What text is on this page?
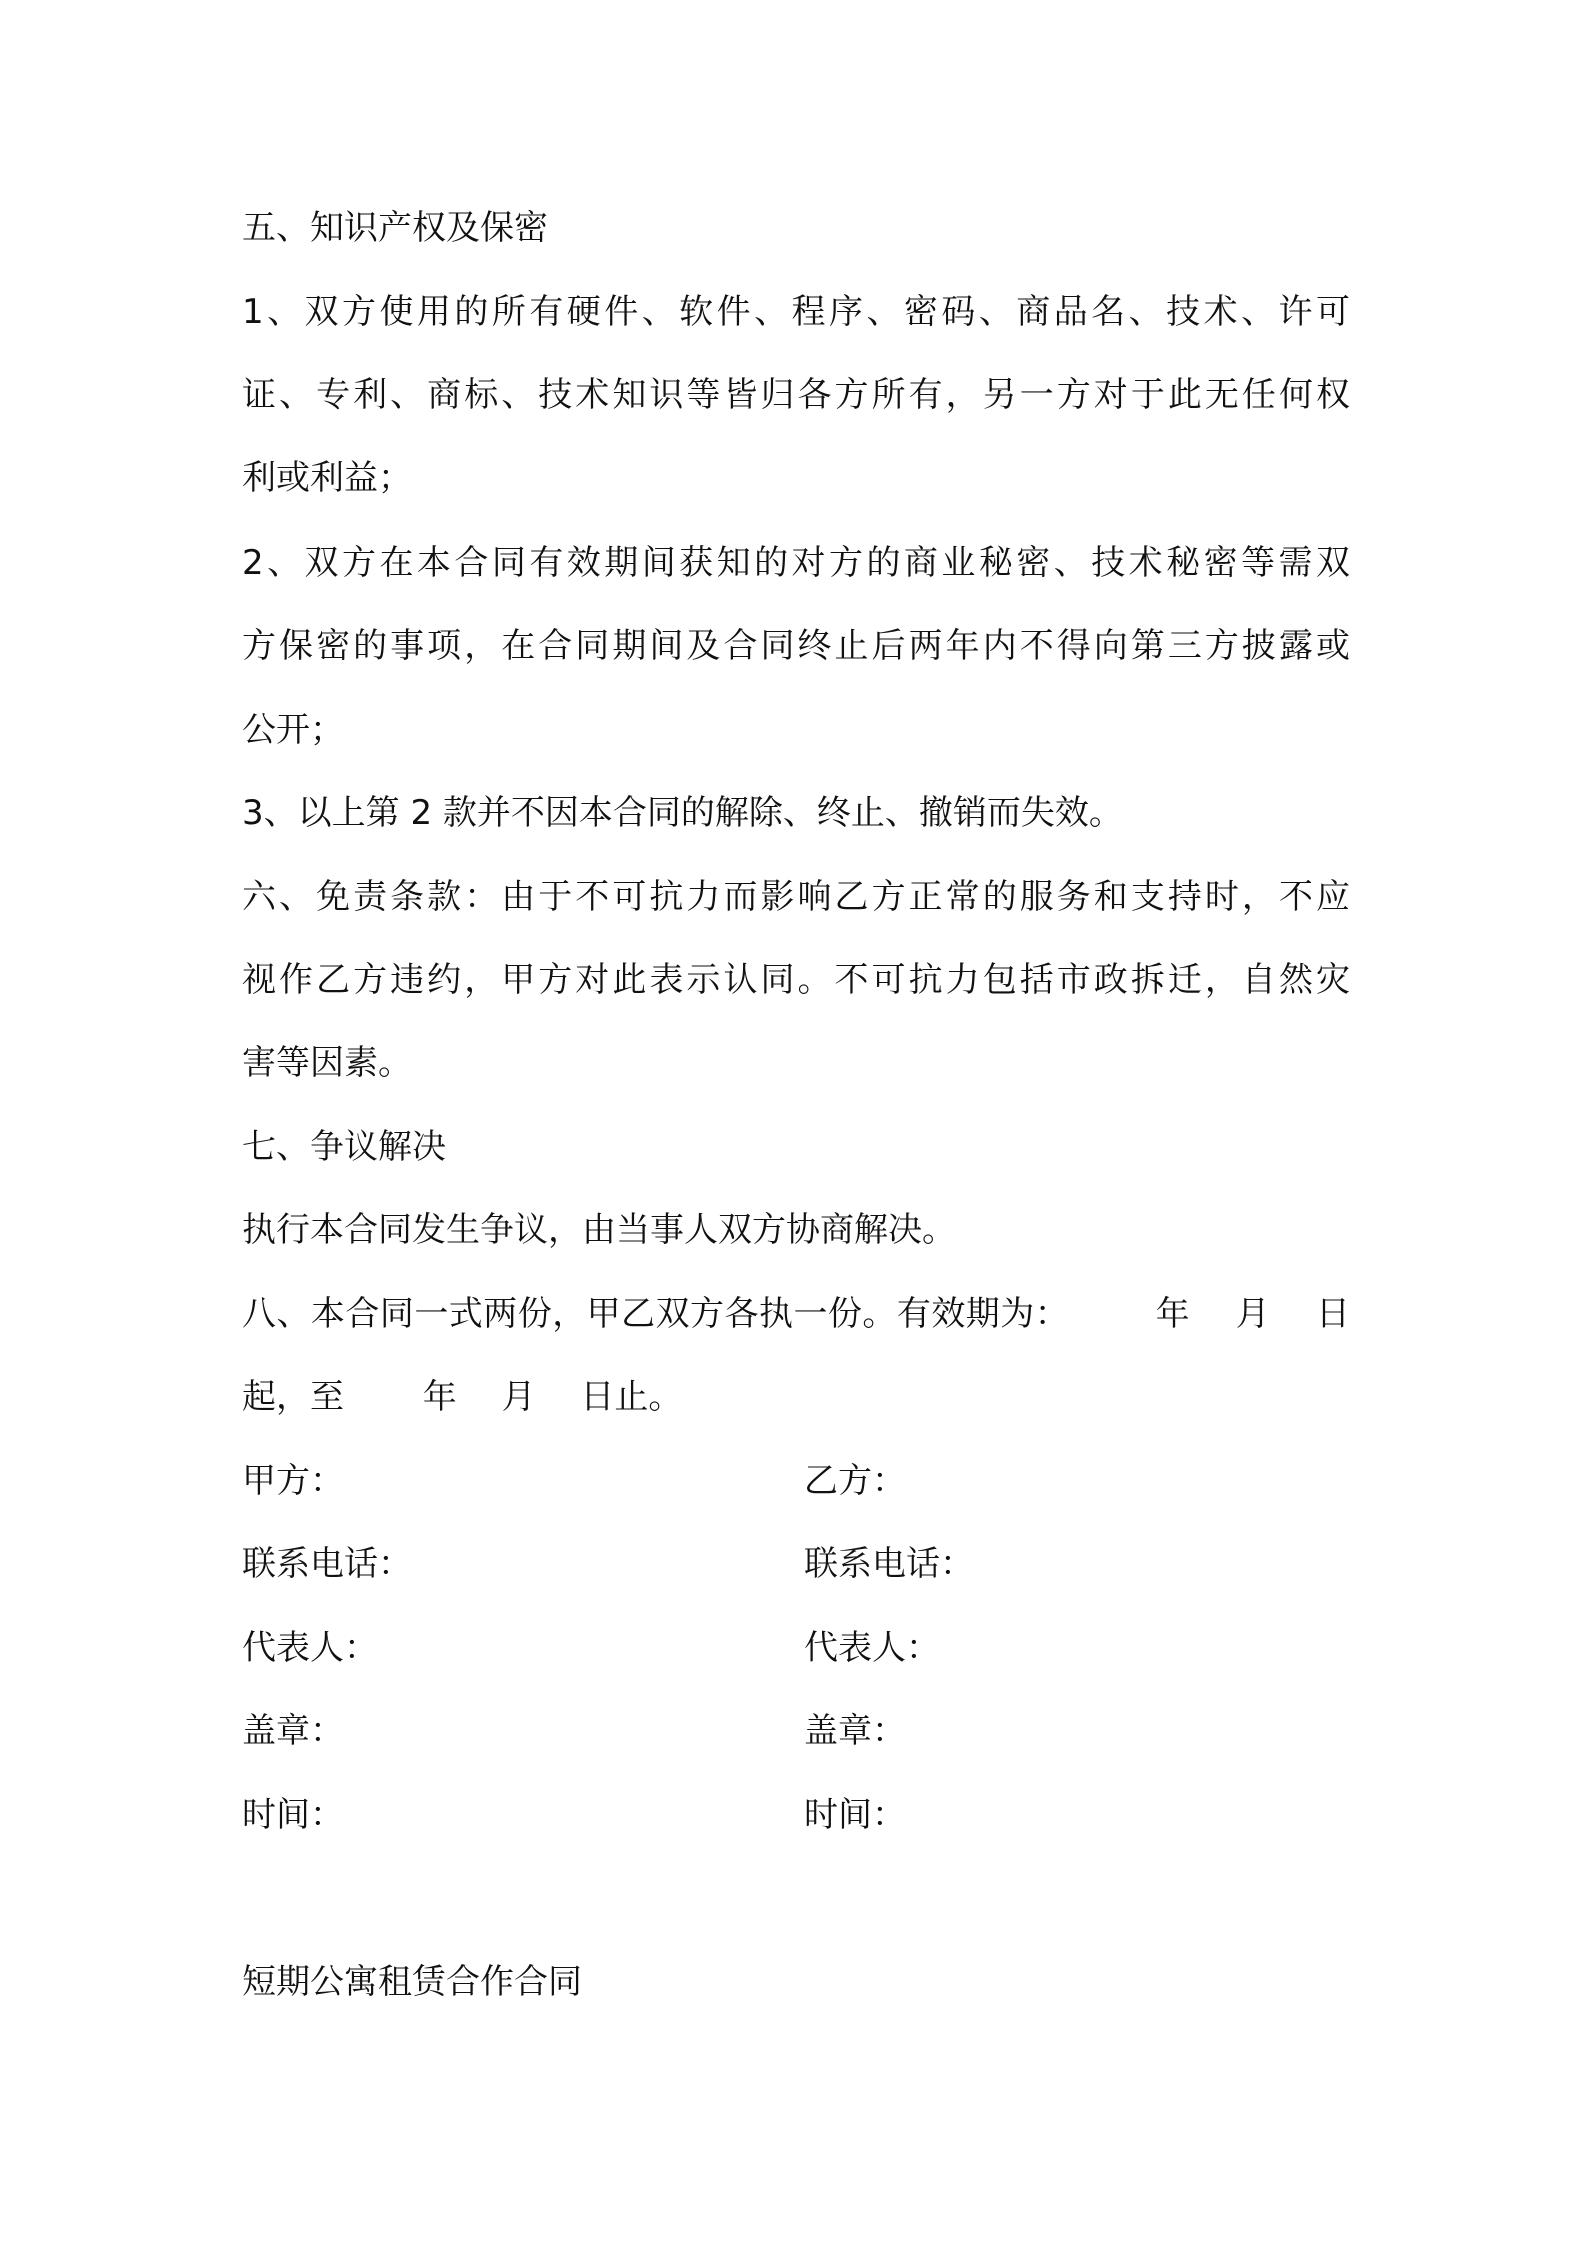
五、知识产权及保密
1、双方使用的所有硬件、软件、程序、密码、商品名、技术、许可
证、专利、商标、技术知识等皆归各方所有，另一方对于此无任何权
利或利益；
2、双方在本合同有效期间获知的对方的商业秘密、技术秘密等需双
方保密的事项，在合同期间及合同终止后两年内不得向第三方披露或
公开；
3、以上第 2 款并不因本合同的解除、终止、撤销而失效。
六、免责条款：由于不可抗力而影响乙方正常的服务和支持时，不应
视作乙方违约，甲方对此表示认同。不可抗力包括市政拆迁，自然灾
害等因素。
七、争议解决
执行本合同发生争议，由当事人双方协商解决。
八、本合同一式两份，甲乙双方各执一份。有效期为：　　　年　 月　 日
起，至　　 年　 月　 日止。
甲方：	乙方：
联系电话：	联系电话：
代表人：	代表人：
盖章：	盖章：
时间：	时间：
短期公寓租赁合作合同
